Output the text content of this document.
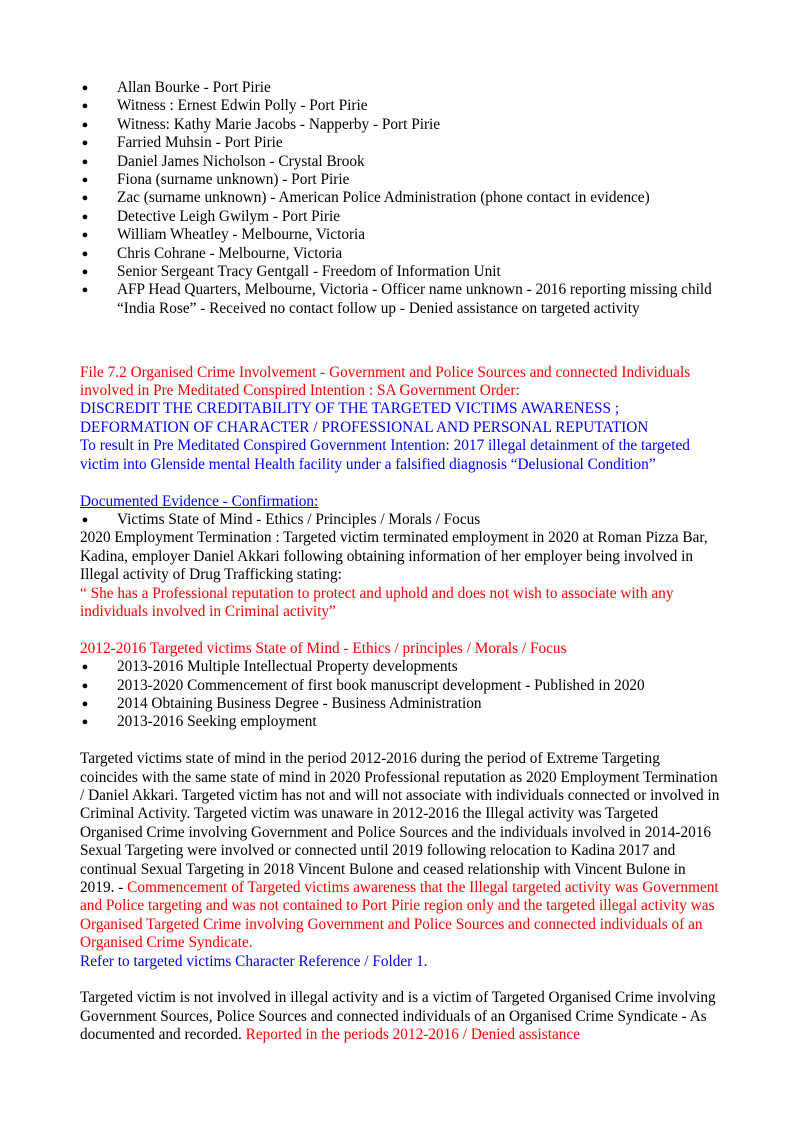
● Allan Bourke - Port Pirie
● Witness : Ernest Edwin Polly - Port Pirie
● Witness: Kathy Marie Jacobs - Napperby - Port Pirie
● Farried Muhsin - Port Pirie
● Daniel James Nicholson - Crystal Brook
● Fiona (surname unknown) - Port Pirie
● Zac (surname unknown) - American Police Administration (phone contact in evidence)
● Detective Leigh Gwilym - Port Pirie
● William Wheatley - Melbourne, Victoria
● Chris Cohrane - Melbourne, Victoria
● Senior Sergeant Tracy Gentgall - Freedom of Information Unit
● AFP Head Quarters, Melbourne, Victoria - Officer name unknown - 2016 reporting missing child “India Rose” - Received no contact follow up - Denied assistance on targeted activity

File 7.2 Organised Crime Involvement - Government and Police Sources and connected Individuals involved in Pre Meditated Conspired Intention : SA Government Order:

DISCREDIT THE CREDITABILITY OF THE TARGETED VICTIMS AWARENESS ; DEFORMATION OF CHARACTER / PROFESSIONAL AND PERSONAL REPUTATION

To result in Pre Meditated Conspired Government Intention: 2017 illegal detainment of the targeted victim into Glenside mental Health facility under a falsified diagnosis “Delusional Condition”

Documented Evidence - Confirmation:

● Victims State of Mind - Ethics / Principles / Morals / Focus

2020 Employment Termination : Targeted victim terminated employment in 2020 at Roman Pizza Bar, Kadina, employer Daniel Akkari following obtaining information of her employer being involved in Illegal activity of Drug Trafficking stating:

“ She has a Professional reputation to protect and uphold and does not wish to associate with any individuals involved in Criminal activity”

2012-2016 Targeted victims State of Mind - Ethics / principles / Morals / Focus

● 2013-2016 Multiple Intellectual Property developments
● 2013-2020 Commencement of first book manuscript development - Published in 2020
● 2014 Obtaining Business Degree - Business Administration
● 2013-2016 Seeking employment

Targeted victims state of mind in the period 2012-2016 during the period of Extreme Targeting coincides with the same state of mind in 2020 Professional reputation as 2020 Employment Termination / Daniel Akkari. Targeted victim has not and will not associate with individuals connected or involved in Criminal Activity. Targeted victim was unaware in 2012-2016 the Illegal activity was Targeted Organised Crime involving Government and Police Sources and the individuals involved in 2014-2016 Sexual Targeting were involved or connected until 2019 following relocation to Kadina 2017 and continual Sexual Targeting in 2018 Vincent Bulone and ceased relationship with Vincent Bulone in 2019. - Commencement of Targeted victims awareness that the Illegal targeted activity was Government and Police targeting and was not contained to Port Pirie region only and the targeted illegal activity was Organised Targeted Crime involving Government and Police Sources and connected individuals of an Organised Crime Syndicate.
Refer to targeted victims Character Reference / Folder 1.

Targeted victim is not involved in illegal activity and is a victim of Targeted Organised Crime involving Government Sources, Police Sources and connected individuals of an Organised Crime Syndicate - As documented and recorded. Reported in the periods 2012-2016 / Denied assistance
